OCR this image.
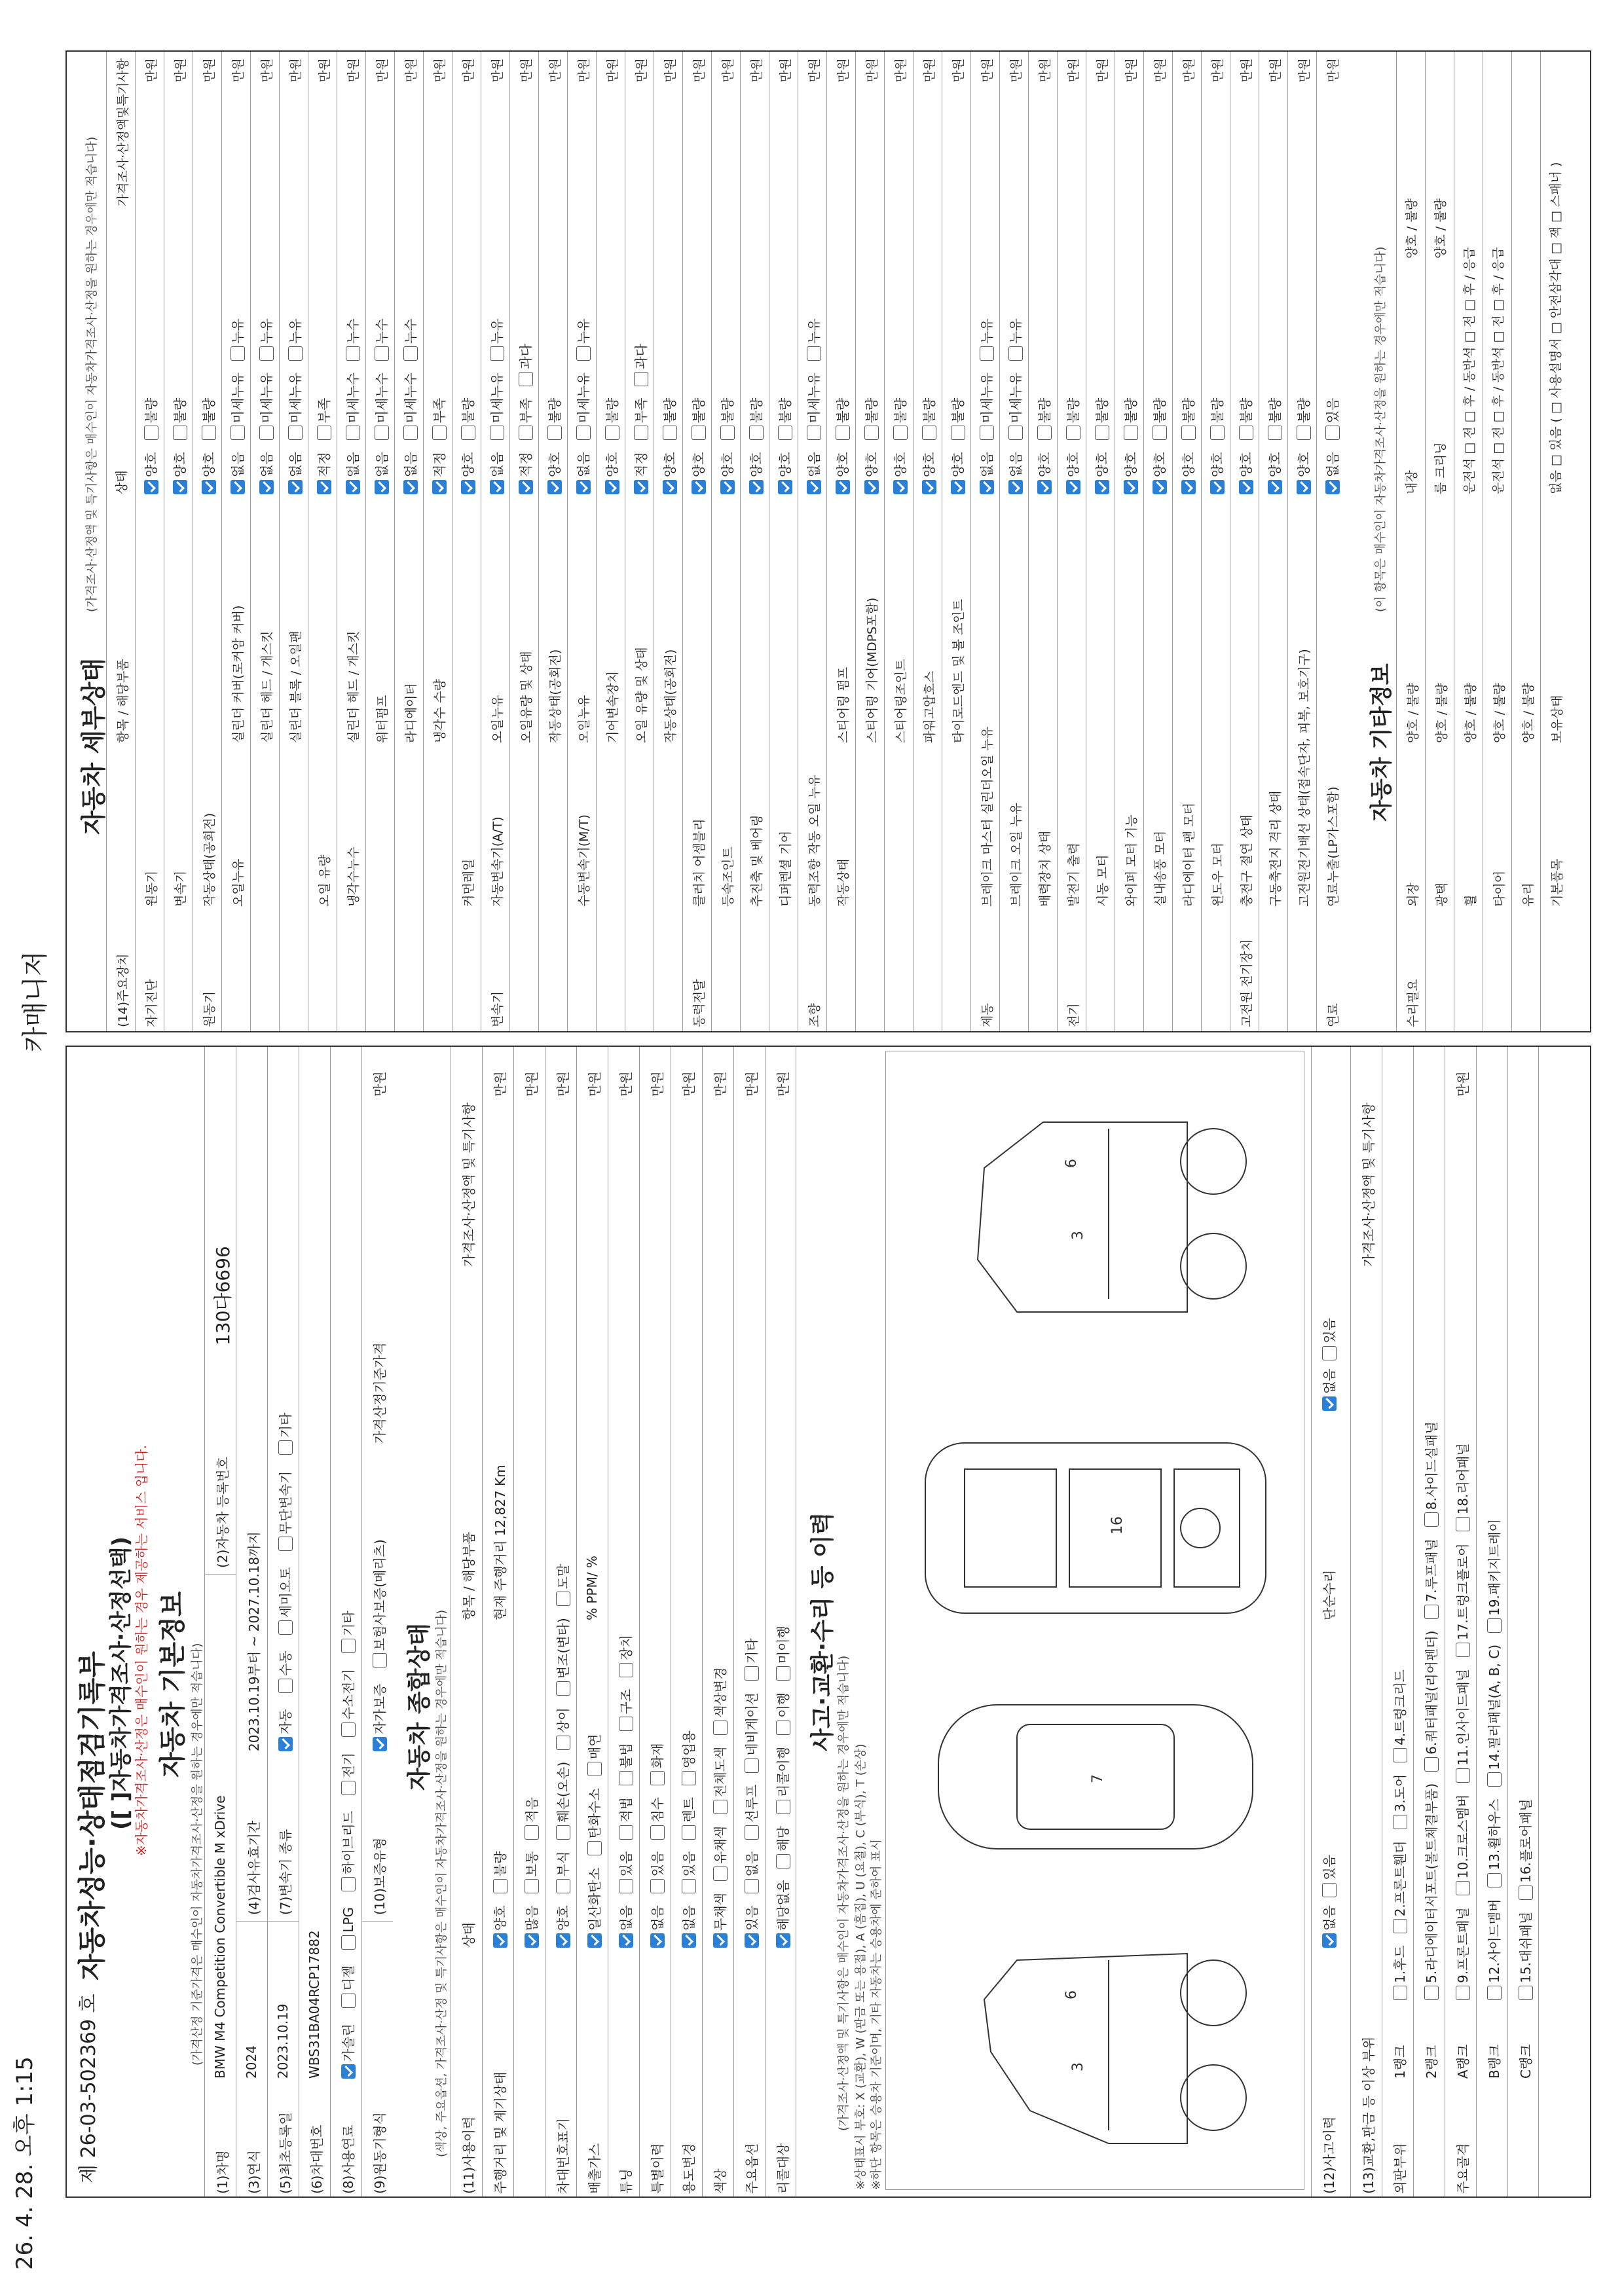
26. 4. 28. 오후 1:15
카매니저
제 26-03-502369 호
자동차성능·상태점검기록부 ([ ]자동차가격조사·산정선택) ※자동차가격조사·산정은 매수인이 원하는 경우 제공하는 서비스 입니다. 자동차 기본정보 (가격산정 기준가격은 매수인이 자동차가격조사·산정을 원하는 경우에만 적습니다)
(1)차명
BMW M4 Competition Convertible M xDrive
(2)자동차 등록번호
130다6696
(3)연식
2024
(4)검사유효기간
2023.10.19부터 ~ 2027.10.18까지
(5)최초등록일
2023.10.19
(7)변속기 종류
자동 수동 세미오토 무단변속기 기타
(6)차대번호
WBS31BA04RCP17882
(8)사용연료
가솔린 디젤 LPG 하이브리드 전기 수소전기 기타
(9)원동기형식
(10)보증유형
자가보증 보험사보증(메리츠)
가격산정기준가격
만원
자동차 종합상태 (색상, 주요옵션, 가격조사·산정 및 특기사항은 매수인이 자동차가격조사·산정을 원하는 경우에만 적습니다) (11)사용이력
상태
항목 / 해당부품
가격조사·산정액 및 특기사항
주행거리 및 계기상태
양호불량
현재 주행거리 12,827 Km
만원
많음보통적음
만원
차대번호표기
양호부식훼손(오손)상이변조(변타)도말
만원
배출가스
일산화탄소탄화수소매연
% PPM/ %
만원
튜닝
없음있음적법불법구조장치
만원
특별이력
없음있음침수화재
만원
용도변경
없음있음렌트영업용
만원
색상
무채색유채색전체도색색상변경
만원
주요옵션
있음없음선루프네비게이션기타
만원
리콜대상
해당없음해당리콜이행이행미이행
만원
사고·교환·수리 등 이력
(가격조사·산정액 및 특기사항은 매수인이 자동차가격조사·산정을 원하는 경우에만 적습니다) ※상태표시 부호: X (교환), W (판금 또는 용접), A (흠집), U (요철), C (부식), T (손상) ※하단 항목은 승용차 기준이며, 기타 자동차는 승용차에 준하여 표시	3
6
7
16
3
6
(12)사고이력
없음  있음
단순수리
없음  있음
(13)교환,판금 등 이상 부위
가격조사·산정액 및 특기사항
외판부위
1랭크
1.후드2.프론트휀더3.도어4.트렁크리드
2랭크
5.라디에이터서포트(볼트체결부품)6.쿼터패널(리어펜더)7.루프패널8.사이드실패널
주요골격
A랭크
9.프론트패널10.크로스멤버11.인사이드패널17.트렁크플로어18.리어패널
만원
B랭크
12.사이드멤버13.휠하우스14.필러패널(A, B, C)19.패키지트레이
C랭크
15.대쉬패널16.플로어패널
자동차 세부상태
(가격조사·산정액 및 특기사항은 매수인이 자동차가격조사·산정을 원하는 경우에만 적습니다)
(14)주요장치
항목 / 해당부품
상태
가격조사·산정액및특기사항
자기진단
원동기
양호불량
만원
변속기
양호불량
만원
원동기
작동상태(공회전)
양호불량
만원
오일누유
실린더 커버(로커암 커버)
없음미세누유누유
만원
실린더 헤드 / 개스킷
없음미세누유누유
만원
실린더 블록 / 오일팬
없음미세누유누유
만원
오일 유량
적정부족
만원
냉각수누수
실린더 헤드 / 개스킷
없음미세누수누수
만원
워터펌프
없음미세누수누수
만원
라디에이터
없음미세누수누수
만원
냉각수 수량
적정부족
만원
커먼레일
양호불량
만원
변속기
자동변속기(A/T)
오일누유
없음미세누유누유
만원
오일유량 및 상태
적정부족과다
만원
작동상태(공회전)
양호불량
만원
수동변속기(M/T)
오일누유
없음미세누유누유
만원
기어변속장치
양호불량
만원
오일 유량 및 상태
적정부족과다
만원
작동상태(공회전)
양호불량
만원
동력전달
클러치 어셈블리
양호불량
만원
등속조인트
양호불량
만원
추진축 및 베어링
양호불량
만원
디퍼렌셜 기어
양호불량
만원
조향
동력조향 작동 오일 누유
없음미세누유누유
만원
작동상태
스티어링 펌프
양호불량
만원
스티어링 기어(MDPS포함)
양호불량
만원
스티어링조인트
양호불량
만원
파워고압호스
양호불량
만원
타이로드엔드 및 볼 조인트
양호불량
만원
제동
브레이크 마스터 실린더오일 누유
없음미세누유누유
만원
브레이크 오일 누유
없음미세누유누유
만원
배력장치 상태
양호불량
만원
전기
발전기 출력
양호불량
만원
시동 모터
양호불량
만원
와이퍼 모터 기능
양호불량
만원
실내송풍 모터
양호불량
만원
라디에이터 팬 모터
양호불량
만원
윈도우 모터
양호불량
만원
고전원 전기장치
충전구 절연 상태
양호불량
만원
구동축전지 격리 상태
양호불량
만원
고전원전기배선 상태(접속단자, 피복, 보호기구)
양호불량
만원
연료
연료누출(LP가스포함)
없음있음
만원
자동차 기타정보
(이 항목은 매수인이 자동차가격조사·산정을 원하는 경우에만 적습니다)
수리필요
외장
양호 / 불량
내장
양호 / 불량
광택
양호 / 불량
룸 크리닝
양호 / 불량
휠
양호 / 불량
운전석 □ 전 □ 후 / 동반석 □ 전 □ 후 / 응급
타이어
양호 / 불량
운전석 □ 전 □ 후 / 동반석 □ 전 □ 후 / 응급
유리
양호 / 불량
기본품목
보유상태
없음 □ 있음 ( □ 사용설명서 □ 안전삼각대 □ 잭 □ 스패너 )
